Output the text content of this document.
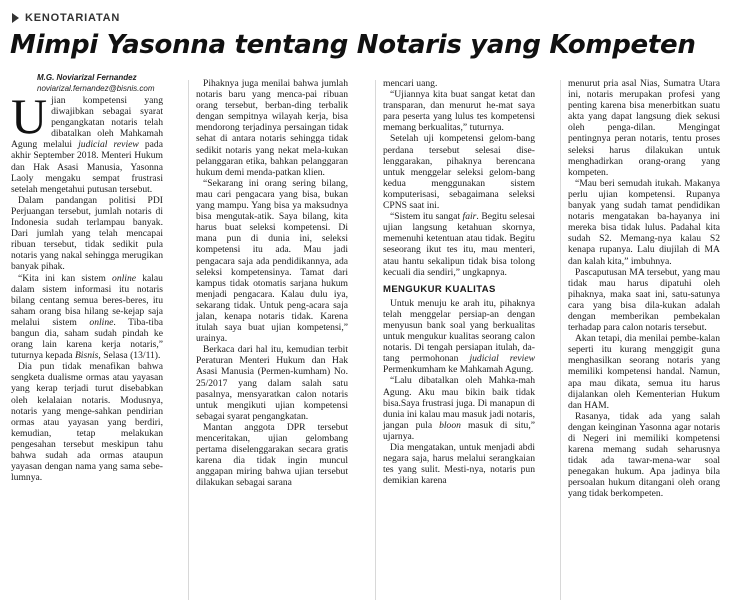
KENOTARIATAN
Mimpi Yasonna tentang Notaris yang Kompeten
M.G. Noviarizal Fernandez
noviarizal.fernandez@bisnis.com

Ujian kompetensi yang diwajibkan sebagai syarat pengangkatan notaris telah dibatalkan oleh Mahkamah Agung melalui judicial review pada akhir September 2018. Menteri Hukum dan Hak Asasi Manusia, Yasonna Laoly mengaku sempat frustrasi setelah mengetahui putusan tersebut.

Dalam pandangan politisi PDI Perjuangan tersebut, jumlah notaris di Indonesia sudah terlampau banyak. Dari jumlah yang telah mencapai ribuan tersebut, tidak sedikit pula notaris yang nakal sehingga merugikan banyak pihak.

“Kita ini kan sistem online kalau dalam sistem informasi itu notaris bilang centang semua beres-beres, itu saham orang bisa hilang se-kejap saja melalui sistem online. Tiba-tiba bangun dia, saham sudah pindah ke orang lain karena kerja notaris,” tuturnya kepada Bisnis, Selasa (13/11).

Dia pun tidak menafikan bahwa sengketa dualisme ormas atau yayasan yang kerap terjadi turut disebabkan oleh kelalaian notaris. Modusnya, notaris yang menge-sahkan pendirian ormas atau yayasan yang berdiri, kemudian, tetap melakukan pengesahan tersebut meskipun tahu bahwa sudah ada ormas ataupun yayasan dengan nama yang sama sebe-lumnya.

Pihaknya juga menilai bahwa jumlah notaris baru yang menca-pai ribuan orang tersebut, berban-ding terbalik dengan sempitnya wilayah kerja, bisa mendorong terjadinya persaingan tidak sehat di antara notaris sehingga tidak sedikit notaris yang nekat mela-kukan pelanggaran etika, bahkan pelanggaran hukum demi menda-patkan klien.

“Sekarang ini orang sering bilang, mau cari pengacara yang bisa, bukan yang mampu. Yang bisa ya maksudnya bisa mengutak-atik. Saya bilang, kita harus buat seleksi kompetensi. Di mana pun di dunia ini, seleksi kompetensi itu ada. Mau jadi pengacara saja ada pendidikannya, ada seleksi kompetensinya. Tamat dari kampus tidak otomatis sarjana hukum menjadi pengacara. Kalau dulu iya, sekarang tidak. Untuk peng-acara saja jalan, kenapa notaris tidak. Karena itulah saya buat ujian kompetensi,” urainya.

Berkaca dari hal itu, kemudian terbit Peraturan Menteri Hukum dan Hak Asasi Manusia (Permen-kumham) No. 25/2017 yang dalam salah satu pasalnya, mensyaratkan calon notaris untuk mengikuti ujian kompetensi sebagai syarat pengangkatan.

Mantan anggota DPR tersebut menceritakan, ujian gelombang pertama diselenggarakan secara gratis karena dia tidak ingin muncul anggapan miring bahwa ujian tersebut dilakukan sebagai sarana

mencari uang.

“Ujiannya kita buat sangat ketat dan transparan, dan menurut he-mat saya para peserta yang lulus tes kompetensi memang berkualitas,” tuturnya.

Setelah uji kompetensi gelom-bang perdana tersebut selesai dise-lenggarakan, pihaknya berencana untuk menggelar seleksi gelom-bang kedua menggunakan sistem komputerisasi, sebagaimana seleksi CPNS saat ini.

“Sistem itu sangat fair. Begitu selesai ujian langsung ketahuan skornya, memenuhi ketentuan atau tidak. Begitu seseorang ikut tes itu, mau menteri, atau hantu sekalipun tidak bisa tolong kecuali dia sendiri,” ungkapnya.

MENGUKUR KUALITAS

Untuk menuju ke arah itu, pihaknya telah menggelar persiap-an dengan menyusun bank soal yang berkualitas untuk mengukur kualitas seorang calon notaris. Di tengah persiapan itulah, da-tang permohonan judicial review Permenkumham ke Mahkamah Agung.

“Lalu dibatalkan oleh Mahka-mah Agung. Aku mau bikin baik tidak bisa.Saya frustrasi juga. Di manapun di dunia ini kalau mau masuk jadi notaris, jangan pula bloon masuk di situ,” ujarnya.

Dia mengatakan, untuk menjadi abdi negara saja, harus melalui serangkaian tes yang sulit. Mesti-nya, notaris pun demikian karena

menurut pria asal Nias, Sumatra Utara ini, notaris merupakan profesi yang penting karena bisa menerbitkan suatu akta yang dapat langsung diek sekusi oleh penga-dilan. Mengingat pentingnya peran notaris, tentu proses seleksi harus dilakukan untuk menghadirkan orang-orang yang kompeten.

“Mau beri semudah itukah. Makanya perlu ujian kompetensi. Rupanya banyak yang sudah tamat pendidikan notaris mengatakan ba-hayanya ini mereka bisa tidak lulus. Padahal kita sudah S2. Memang-nya kalau S2 kenapa rupanya. Lalu diujilah di MA dan kalah kita,” imbuhnya.

Pascaputusan MA tersebut, yang mau tidak mau harus dipatuhi oleh pihaknya, maka saat ini, satu-satunya cara yang bisa dila-kukan adalah dengan memberikan pembekalan terhadap para calon notaris tersebut.

Akan tetapi, dia menilai pembe-kalan seperti itu kurang menggigit guna menghasilkan seorang notaris yang memiliki kompetensi handal. Namun, apa mau dikata, semua itu harus dijalankan oleh Kementerian Hukum dan HAM.

Rasanya, tidak ada yang salah dengan keinginan Yasonna agar notaris di Negeri ini memiliki kompetensi karena memang sudah seharusnya tidak ada tawar-mena-war soal penegakan hukum. Apa jadinya bila persoalan hukum ditangani oleh orang yang tidak berkompeten.
